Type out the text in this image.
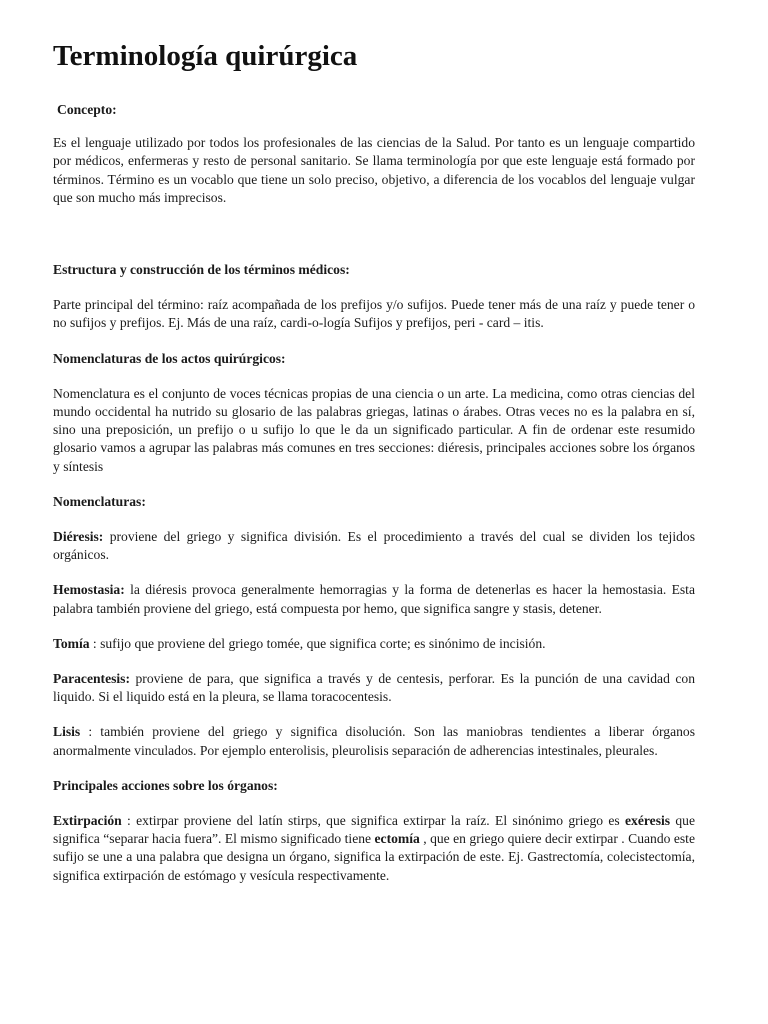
Terminología quirúrgica
Concepto:

Es el lenguaje utilizado por todos los profesionales de las ciencias de la Salud. Por tanto es un lenguaje compartido por médicos, enfermeras y resto de personal sanitario. Se llama terminología por que este lenguaje está formado por términos. Término es un vocablo que tiene un solo preciso, objetivo, a diferencia de los vocablos del lenguaje vulgar que son mucho más imprecisos.

Estructura y construcción de los términos médicos:

Parte principal del término: raíz acompañada de los prefijos y/o sufijos. Puede tener más de una raíz y puede tener o no sufijos y prefijos. Ej. Más de una raíz, cardi-o-logía Sufijos y prefijos, peri - card – itis.

Nomenclaturas de los actos quirúrgicos:

Nomenclatura es el conjunto de voces técnicas propias de una ciencia o un arte. La medicina, como otras ciencias del mundo occidental ha nutrido su glosario de las palabras griegas, latinas o árabes. Otras veces no es la palabra en sí, sino una preposición, un prefijo o u sufijo lo que le da un significado particular. A fin de ordenar este resumido glosario vamos a agrupar las palabras más comunes en tres secciones: diéresis, principales acciones sobre los órganos y síntesis

Nomenclaturas:

Diéresis: proviene del griego y significa división. Es el procedimiento a través del cual se dividen los tejidos orgánicos.

Hemostasia: la diéresis provoca generalmente hemorragias y la forma de detenerlas es hacer la hemostasia. Esta palabra también proviene del griego, está compuesta por hemo, que significa sangre y stasis, detener.

Tomía : sufijo que proviene del griego tomée, que significa corte; es sinónimo de incisión.

Paracentesis: proviene de para, que significa a través y de centesis, perforar. Es la punción de una cavidad con liquido. Si el liquido está en la pleura, se llama toracocentesis.

Lisis : también proviene del griego y significa disolución. Son las maniobras tendientes a liberar órganos anormalmente vinculados. Por ejemplo enterolisis, pleurolisis separación de adherencias intestinales, pleurales.

Principales acciones sobre los órganos:

Extirpación : extirpar proviene del latín stirps, que significa extirpar la raíz. El sinónimo griego es exéresis que significa “separar hacia fuera”. El mismo significado tiene ectomía , que en griego quiere decir extirpar . Cuando este sufijo se une a una palabra que designa un órgano, significa la extirpación de este. Ej. Gastrectomía, colecistectomía, significa extirpación de estómago y vesícula respectivamente.
